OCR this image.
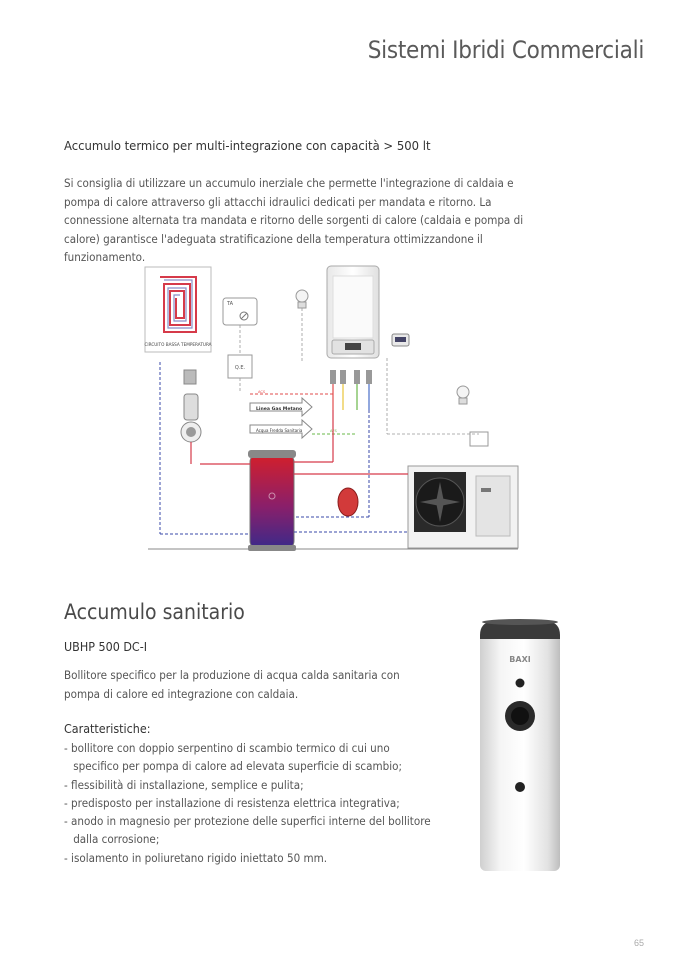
Sistemi Ibridi Commerciali
Accumulo termico per multi-integrazione con capacità > 500 lt
Si consiglia di utilizzare un accumulo inerziale che permette l'integrazione di caldaia e pompa di calore attraverso gli attacchi idraulici dedicati per mandata e ritorno. La connessione alternata tra mandata e ritorno delle sorgenti di calore (caldaia e pompa di calore) garantisce l'adeguata stratificazione della temperatura ottimizzandone il funzionamento.
CIRCUITO BASSA TEMPERATURA
TA
Q.E.
Linea Gas Metano
Acqua Fredda Sanitaria
ACS
AFS
Accumulo sanitario
UBHP 500 DC-I
Bollitore specifico per la produzione di acqua calda sanitaria con pompa di calore ed integrazione con caldaia.
Caratteristiche:
- bollitore con doppio serpentino di scambio termico di cui uno specifico per pompa di calore ad elevata superficie di scambio;
- flessibilità di installazione, semplice e pulita;
- predisposto per installazione di resistenza elettrica integrativa;
- anodo in magnesio per protezione delle superfici interne del bollitore dalla corrosione;
- isolamento in poliuretano rigido iniettato 50 mm.
BAXI
65
